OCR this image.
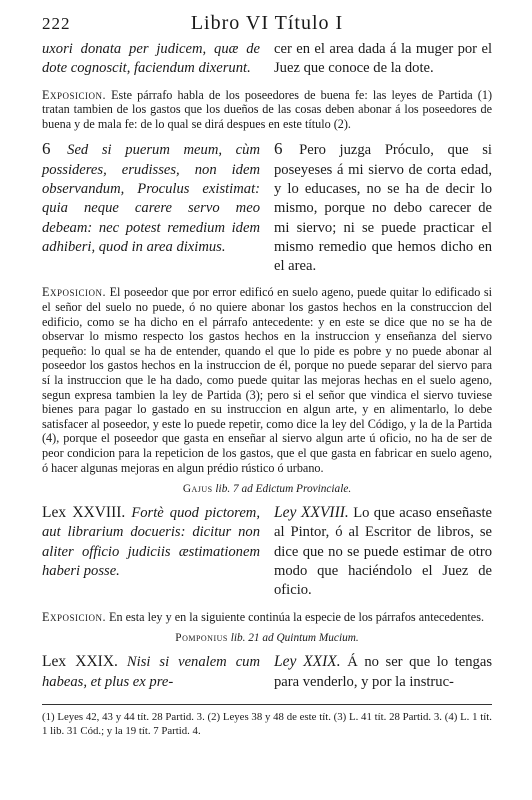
222	Libro VI Título I
uxori donata per judicem, quæ de dote cognoscit, faciendum dixerunt.
cer en el area dada á la muger por el Juez que conoce de la dote.
Exposicion. Este párrafo habla de los poseedores de buena fe: las leyes de Partida (1) tratan tambien de los gastos que los dueños de las cosas deben abonar á los poseedores de buena y de mala fe: de lo qual se dirá despues en este título (2).
6 Sed si puerum meum, cùm possideres, erudisses, non idem observandum, Proculus existimat: quia neque carere servo meo debeam: nec potest remedium idem adhiberi, quod in area diximus.
6 Pero juzga Próculo, que si poseyeses á mi siervo de corta edad, y lo educases, no se ha de decir lo mismo, porque no debo carecer de mi siervo; ni se puede practicar el mismo remedio que hemos dicho en el area.
Exposicion. El poseedor que por error edificó en suelo ageno, puede quitar lo edificado si el señor del suelo no puede, ó no quiere abonar los gastos hechos en la construccion del edificio, como se ha dicho en el párrafo antecedente: y en este se dice que no se ha de observar lo mismo respecto los gastos hechos en la instruccion y enseñanza del siervo pequeño: lo qual se ha de entender, quando el que lo pide es pobre y no puede abonar al poseedor los gastos hechos en la instruccion de él, porque no puede separar del siervo para sí la instruccion que le ha dado, como puede quitar las mejoras hechas en el suelo ageno, segun expresa tambien la ley de Partida (3); pero si el señor que vindica el siervo tuviese bienes para pagar lo gastado en su instruccion en algun arte, y en alimentarlo, lo debe satisfacer al poseedor, y este lo puede repetir, como dice la ley del Código, y la de la Partida (4), porque el poseedor que gasta en enseñar al siervo algun arte ú oficio, no ha de ser de peor condicion para la repeticion de los gastos, que el que gasta en fabricar en suelo ageno, ó hacer algunas mejoras en algun prédio rústico ó urbano.
Gajus lib. 7 ad Edictum Provinciale.
Lex XXVIII. Fortè quod pictorem, aut librarium docueris: dicitur non aliter officio judiciis æstimationem haberi posse.
Ley XXVIII. Lo que acaso enseñaste al Pintor, ó al Escritor de libros, se dice que no se puede estimar de otro modo que haciéndolo el Juez de oficio.
Exposicion. En esta ley y en la siguiente continúa la especie de los párrafos antecedentes.
Pomponius lib. 21 ad Quintum Mucium.
Lex XXIX. Nisi si venalem cum habeas, et plus ex pre-
Ley XXIX. Á no ser que lo tengas para venderlo, y por la instruc-
(1) Leyes 42, 43 y 44 tít. 28 Partid. 3. (2) Leyes 38 y 48 de este tít. (3) L. 41 tít. 28 Partid. 3. (4) L. 1 tít. 1 lib. 31 Cód.; y la 19 tít. 7 Partid. 4.
